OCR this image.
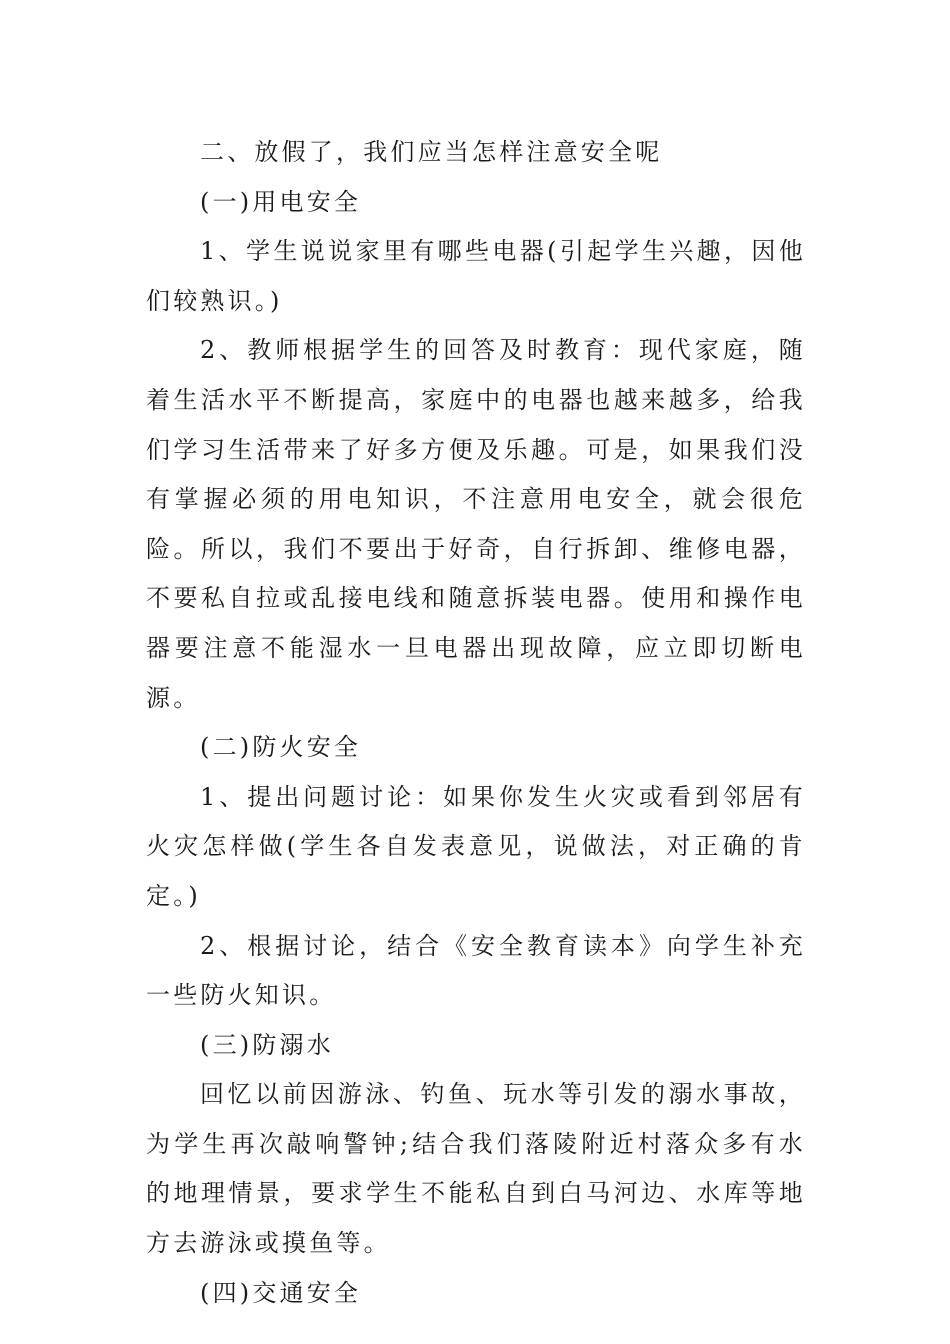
二、放假了，我们应当怎样注意安全呢

(一)用电安全

1、学生说说家里有哪些电器(引起学生兴趣，因他们较熟识。)

2、教师根据学生的回答及时教育：现代家庭，随着生活水平不断提高，家庭中的电器也越来越多，给我们学习生活带来了好多方便及乐趣。可是，如果我们没有掌握必须的用电知识，不注意用电安全，就会很危险。所以，我们不要出于好奇，自行拆卸、维修电器，不要私自拉或乱接电线和随意拆装电器。使用和操作电器要注意不能湿水一旦电器出现故障，应立即切断电源。

(二)防火安全

1、提出问题讨论：如果你发生火灾或看到邻居有火灾怎样做(学生各自发表意见，说做法，对正确的肯定。)

2、根据讨论，结合《安全教育读本》向学生补充一些防火知识。

(三)防溺水

回忆以前因游泳、钓鱼、玩水等引发的溺水事故，为学生再次敲响警钟;结合我们落陵附近村落众多有水的地理情景，要求学生不能私自到白马河边、水库等地方去游泳或摸鱼等。

(四)交通安全
